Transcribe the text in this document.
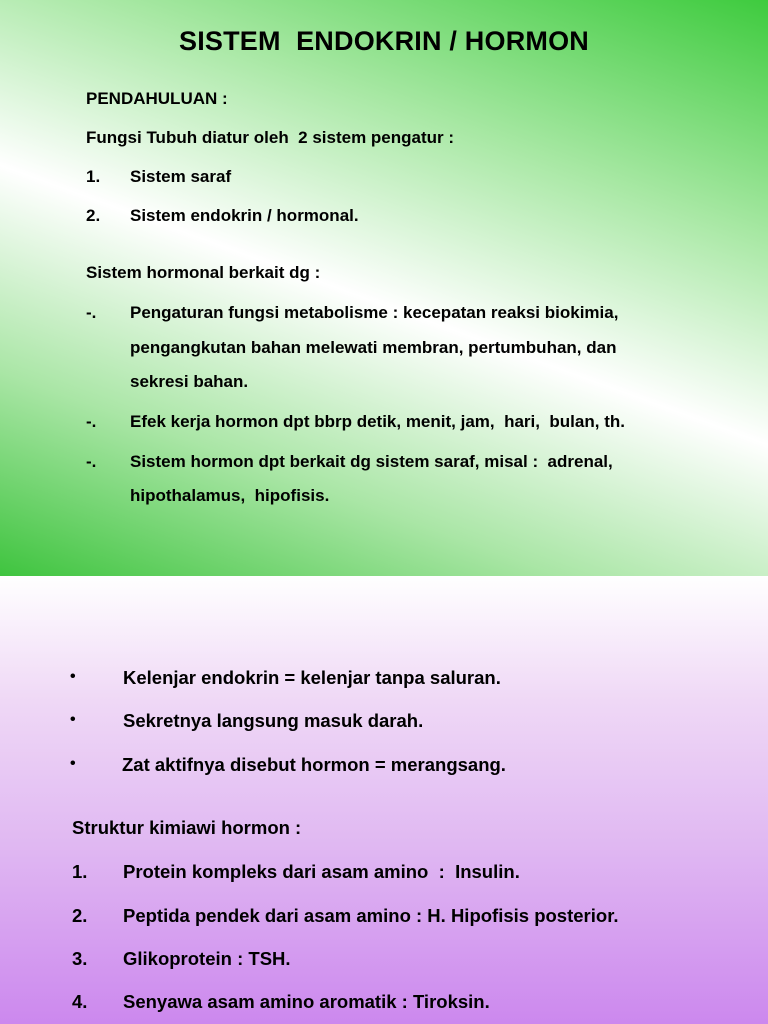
SISTEM  ENDOKRIN / HORMON
PENDAHULUAN :
Fungsi Tubuh diatur oleh  2 sistem pengatur :
1. Sistem saraf
2. Sistem endokrin / hormonal.
Sistem hormonal berkait dg :
-. Pengaturan fungsi metabolisme : kecepatan reaksi biokimia,
pengangkutan bahan melewati membran, pertumbuhan, dan
sekresi bahan.
-. Efek kerja hormon dpt bbrp detik, menit, jam,  hari,  bulan, th.
-. Sistem hormon dpt berkait dg sistem saraf, misal :  adrenal,
hipothalamus,  hipofisis.
•	Kelenjar endokrin = kelenjar tanpa saluran.
•	Sekretnya langsung masuk darah.
•	Zat aktifnya disebut hormon = merangsang.
Struktur kimiawi hormon :
1. Protein kompleks dari asam amino  :  Insulin.
2. Peptida pendek dari asam amino : H. Hipofisis posterior.
3. Glikoprotein : TSH.
4. Senyawa asam amino aromatik : Tiroksin.
